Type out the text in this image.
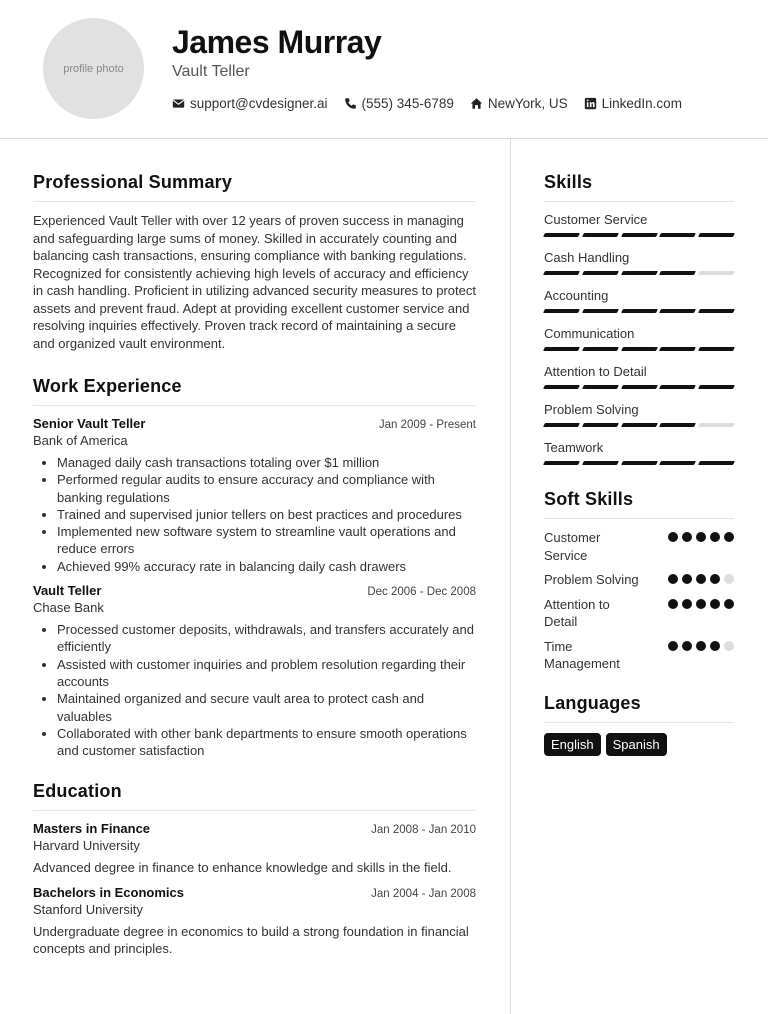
profile photo
James Murray
Vault Teller
support@cvdesigner.ai	(555) 345-6789	NewYork, US	LinkedIn.com
Professional Summary

Experienced Vault Teller with over 12 years of proven success in managing and safeguarding large sums of money. Skilled in accurately counting and balancing cash transactions, ensuring compliance with banking regulations. Recognized for consistently achieving high levels of accuracy and efficiency in cash handling. Proficient in utilizing advanced security measures to protect assets and prevent fraud. Adept at providing excellent customer service and resolving inquiries effectively. Proven track record of maintaining a secure and organized vault environment.

Work Experience
Senior Vault Teller	Jan 2009 - Present
Bank of America
Managed daily cash transactions totaling over $1 million
Performed regular audits to ensure accuracy and compliance with banking regulations
Trained and supervised junior tellers on best practices and procedures
Implemented new software system to streamline vault operations and reduce errors
Achieved 99% accuracy rate in balancing daily cash drawers
Vault Teller	Dec 2006 - Dec 2008
Chase Bank
Processed customer deposits, withdrawals, and transfers accurately and efficiently
Assisted with customer inquiries and problem resolution regarding their accounts
Maintained organized and secure vault area to protect cash and valuables
Collaborated with other bank departments to ensure smooth operations and customer satisfaction
Education
Masters in Finance	Jan 2008 - Jan 2010
Harvard University

Advanced degree in finance to enhance knowledge and skills in the field.

Bachelors in Economics	Jan 2004 - Jan 2008
Stanford University

Undergraduate degree in economics to build a strong foundation in financial concepts and principles.

Skills
Customer Service
Cash Handling
Accounting
Communication
Attention to Detail
Problem Solving
Teamwork
Soft Skills
Customer Service
Problem Solving
Attention to Detail
Time Management
Languages
English	Spanish
